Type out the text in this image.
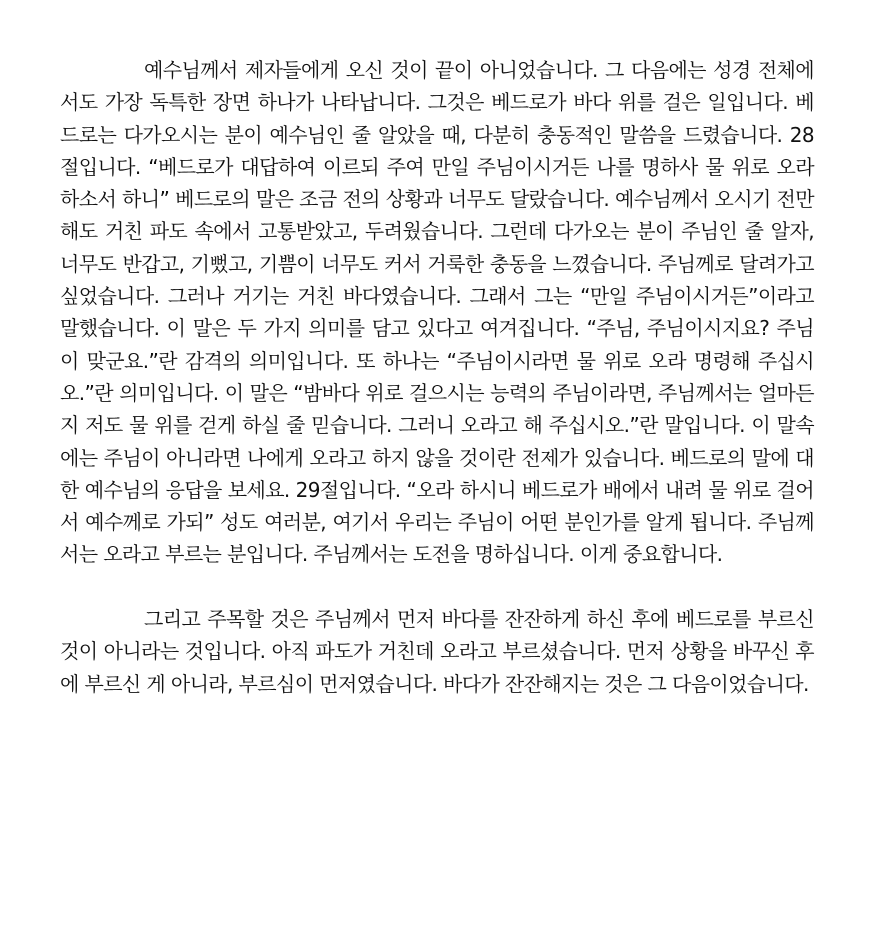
예수님께서 제자들에게 오신 것이 끝이 아니었습니다. 그 다음에는 성경 전체에서도 가장 독특한 장면 하나가 나타납니다. 그것은 베드로가 바다 위를 걸은 일입니다. 베드로는 다가오시는 분이 예수님인 줄 알았을 때, 다분히 충동적인 말씀을 드렸습니다. 28절입니다. “베드로가 대답하여 이르되 주여 만일 주님이시거든 나를 명하사 물 위로 오라 하소서 하니” 베드로의 말은 조금 전의 상황과 너무도 달랐습니다. 예수님께서 오시기 전만 해도 거친 파도 속에서 고통받았고, 두려웠습니다. 그런데 다가오는 분이 주님인 줄 알자, 너무도 반갑고, 기뻤고, 기쁨이 너무도 커서 거룩한 충동을 느꼈습니다. 주님께로 달려가고 싶었습니다. 그러나 거기는 거친 바다였습니다. 그래서 그는 “만일 주님이시거든”이라고 말했습니다. 이 말은 두 가지 의미를 담고 있다고 여겨집니다. “주님, 주님이시지요? 주님이 맞군요.”란 감격의 의미입니다. 또 하나는 “주님이시라면 물 위로 오라 명령해 주십시오.”란 의미입니다. 이 말은 “밤바다 위로 걸으시는 능력의 주님이라면, 주님께서는 얼마든지 저도 물 위를 걷게 하실 줄 믿습니다. 그러니 오라고 해 주십시오.”란 말입니다. 이 말속에는 주님이 아니라면 나에게 오라고 하지 않을 것이란 전제가 있습니다. 베드로의 말에 대한 예수님의 응답을 보세요. 29절입니다. “오라 하시니 베드로가 배에서 내려 물 위로 걸어서 예수께로 가되” 성도 여러분, 여기서 우리는 주님이 어떤 분인가를 알게 됩니다. 주님께서는 오라고 부르는 분입니다. 주님께서는 도전을 명하십니다. 이게 중요합니다.

그리고 주목할 것은 주님께서 먼저 바다를 잔잔하게 하신 후에 베드로를 부르신 것이 아니라는 것입니다. 아직 파도가 거친데 오라고 부르셨습니다. 먼저 상황을 바꾸신 후에 부르신 게 아니라, 부르심이 먼저였습니다. 바다가 잔잔해지는 것은 그 다음이었습니다.
